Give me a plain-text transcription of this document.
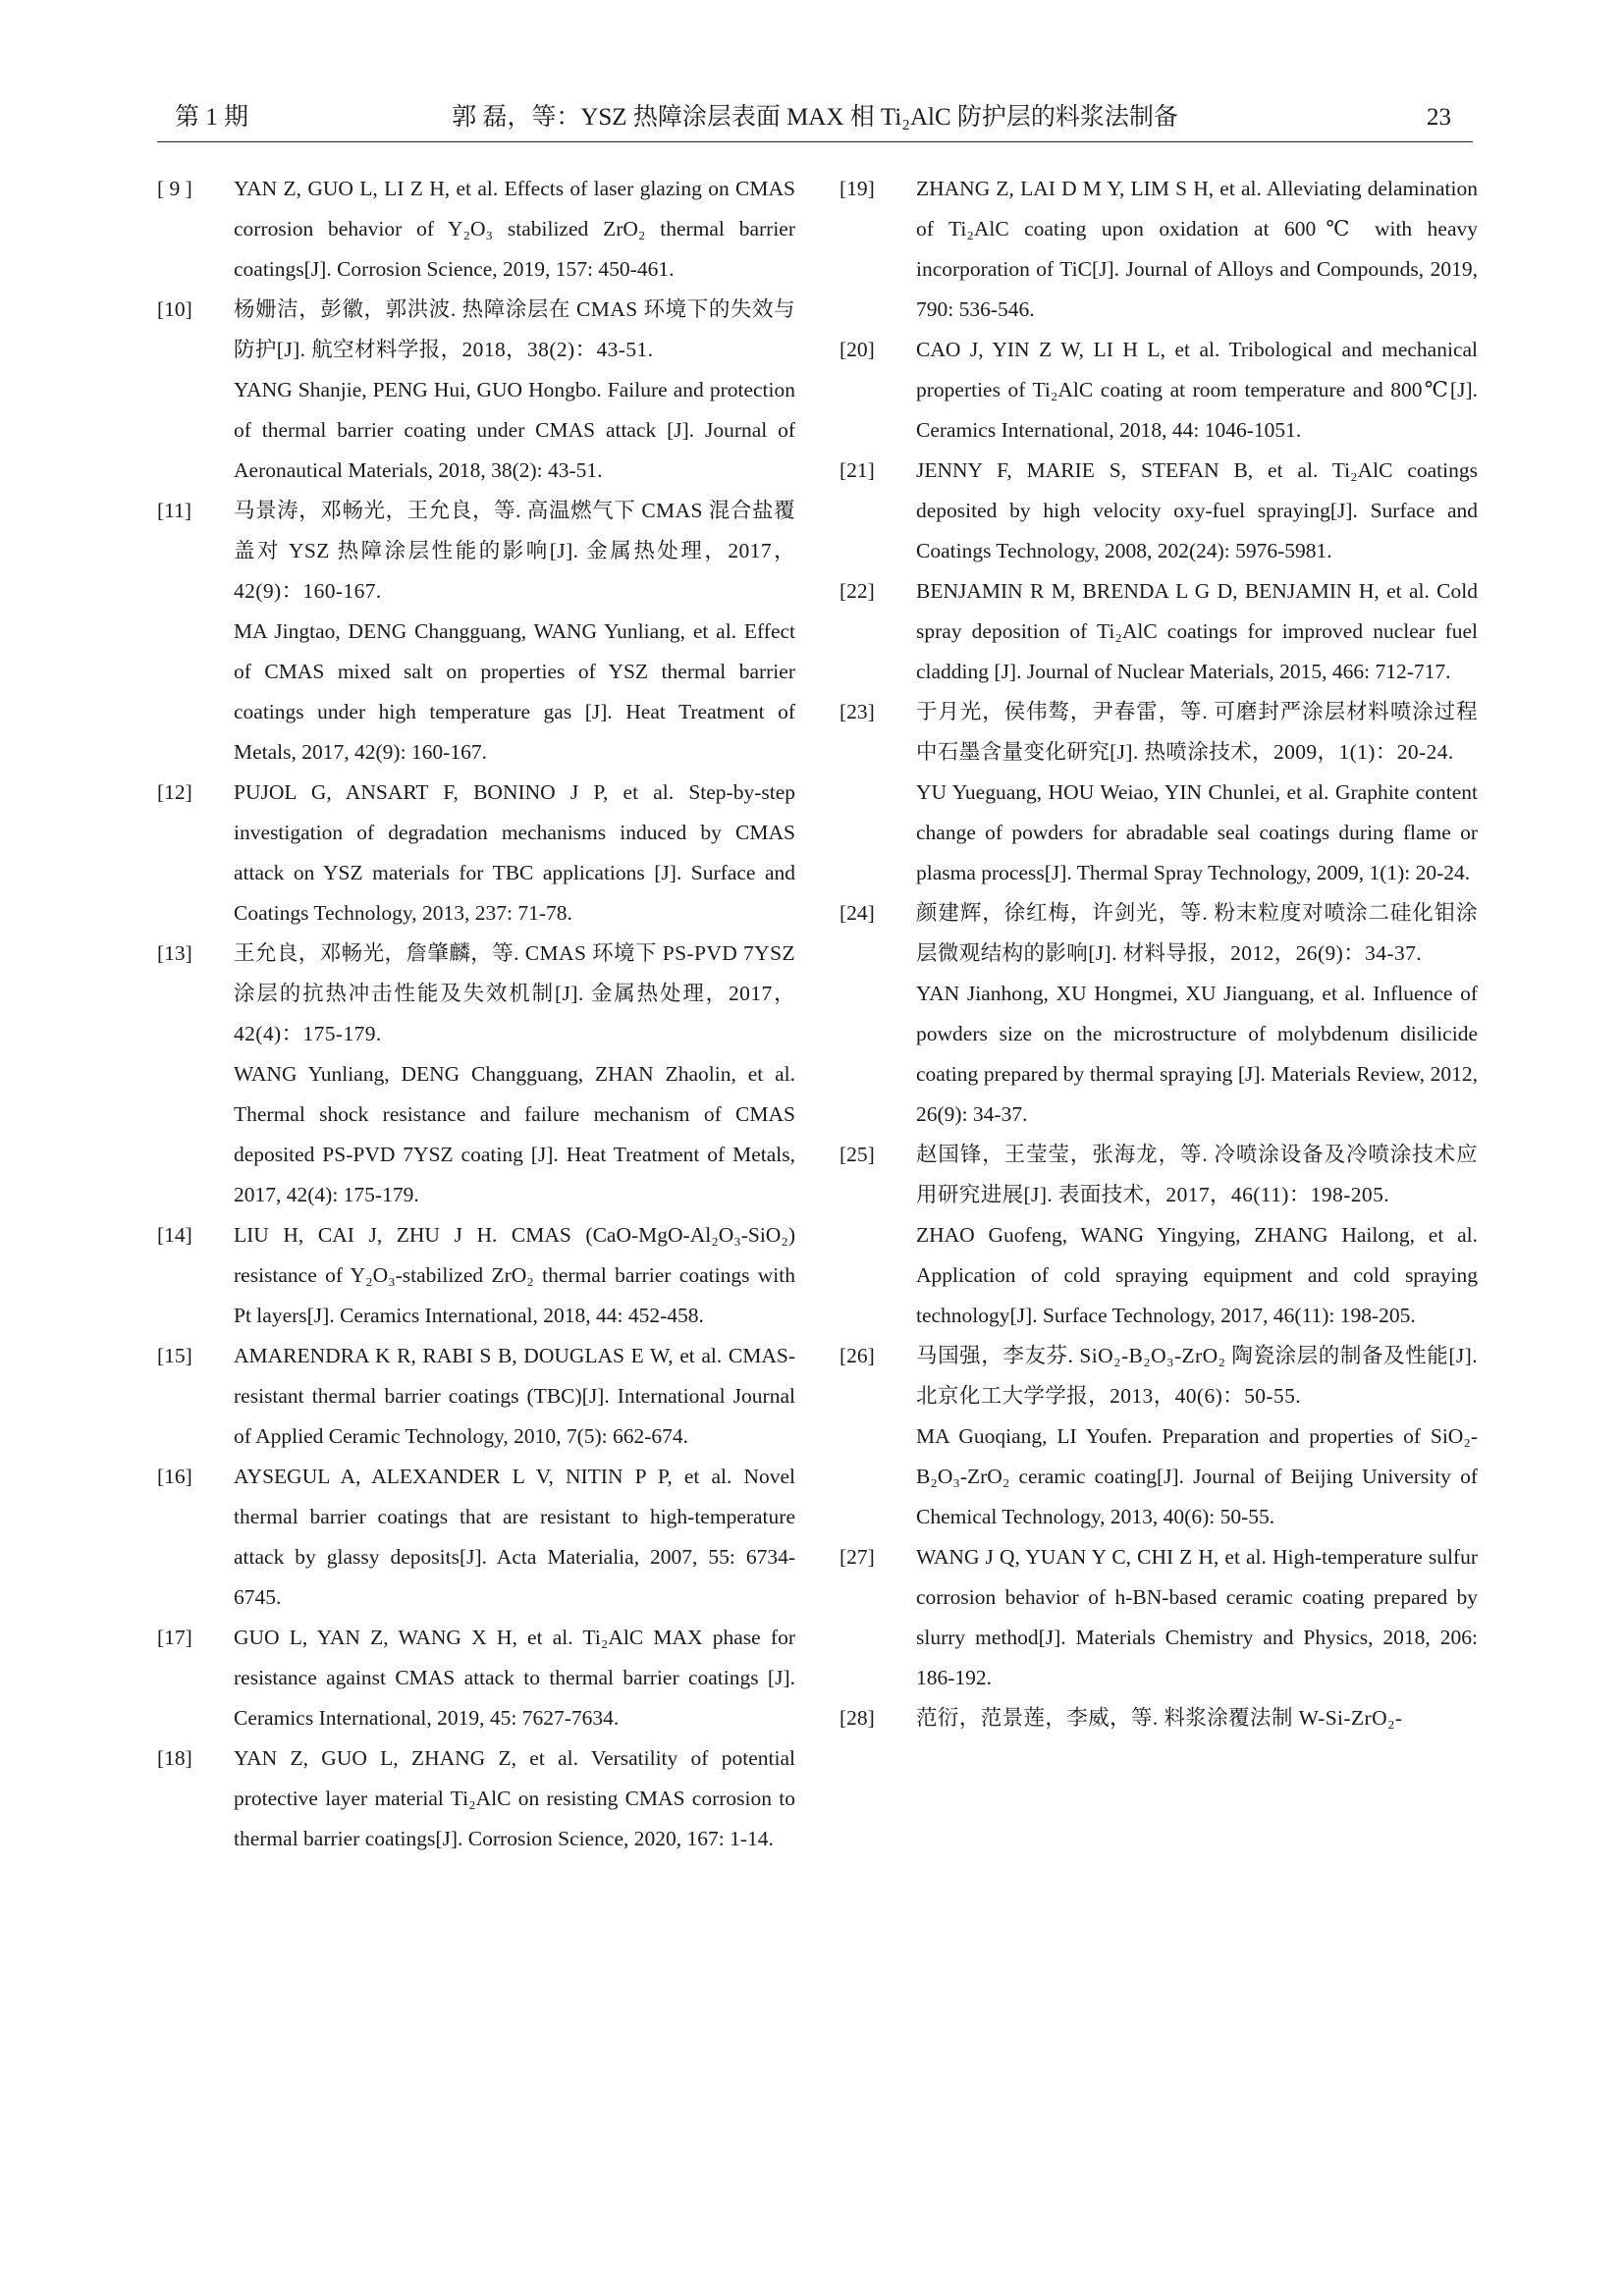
第 1 期	郭 磊，等：YSZ 热障涂层表面 MAX 相 Ti₂AlC 防护层的料浆法制备	23
[ 9 ]	YAN Z, GUO L, LI Z H, et al. Effects of laser glazing on CMAS corrosion behavior of Y₂O₃ stabilized ZrO₂ thermal barrier coatings[J]. Corrosion Science, 2019, 157: 450-461.

[10]	杨姗洁，彭徽，郭洪波. 热障涂层在 CMAS 环境下的失效与防护[J]. 航空材料学报，2018，38(2)：43-51.

YANG Shanjie, PENG Hui, GUO Hongbo. Failure and protection of thermal barrier coating under CMAS attack [J]. Journal of Aeronautical Materials, 2018, 38(2): 43-51.

[11]	马景涛，邓畅光，王允良，等. 高温燃气下 CMAS 混合盐覆盖对 YSZ 热障涂层性能的影响[J]. 金属热处理，2017，42(9)：160-167.

MA Jingtao, DENG Changguang, WANG Yunliang, et al. Effect of CMAS mixed salt on properties of YSZ thermal barrier coatings under high temperature gas [J]. Heat Treatment of Metals, 2017, 42(9): 160-167.

[12]	PUJOL G, ANSART F, BONINO J P, et al. Step-by-step investigation of degradation mechanisms induced by CMAS attack on YSZ materials for TBC applications [J]. Surface and Coatings Technology, 2013, 237: 71-78.

[13]	王允良，邓畅光，詹肇麟，等. CMAS 环境下 PS-PVD 7YSZ 涂层的抗热冲击性能及失效机制[J]. 金属热处理，2017，42(4)：175-179.

WANG Yunliang, DENG Changguang, ZHAN Zhaolin, et al. Thermal shock resistance and failure mechanism of CMAS deposited PS-PVD 7YSZ coating [J]. Heat Treatment of Metals, 2017, 42(4): 175-179.

[14]	LIU H, CAI J, ZHU J H. CMAS (CaO-MgO-Al₂O₃-SiO₂) resistance of Y₂O₃-stabilized ZrO₂ thermal barrier coatings with Pt layers[J]. Ceramics International, 2018, 44: 452-458.

[15]	AMARENDRA K R, RABI S B, DOUGLAS E W, et al. CMAS-resistant thermal barrier coatings (TBC)[J]. International Journal of Applied Ceramic Technology, 2010, 7(5): 662-674.

[16]	AYSEGUL A, ALEXANDER L V, NITIN P P, et al. Novel thermal barrier coatings that are resistant to high-temperature attack by glassy deposits[J]. Acta Materialia, 2007, 55: 6734-6745.

[17]	GUO L, YAN Z, WANG X H, et al. Ti₂AlC MAX phase for resistance against CMAS attack to thermal barrier coatings [J]. Ceramics International, 2019, 45: 7627-7634.

[18]	YAN Z, GUO L, ZHANG Z, et al. Versatility of potential protective layer material Ti₂AlC on resisting CMAS corrosion to thermal barrier coatings[J]. Corrosion Science, 2020, 167: 1-14.

[19]	ZHANG Z, LAI D M Y, LIM S H, et al. Alleviating delamination of Ti₂AlC coating upon oxidation at 600℃ with heavy incorporation of TiC[J]. Journal of Alloys and Compounds, 2019, 790: 536-546.

[20]	CAO J, YIN Z W, LI H L, et al. Tribological and mechanical properties of Ti₂AlC coating at room temperature and 800℃[J]. Ceramics International, 2018, 44: 1046-1051.

[21]	JENNY F, MARIE S, STEFAN B, et al. Ti₂AlC coatings deposited by high velocity oxy-fuel spraying[J]. Surface and Coatings Technology, 2008, 202(24): 5976-5981.

[22]	BENJAMIN R M, BRENDA L G D, BENJAMIN H, et al. Cold spray deposition of Ti₂AlC coatings for improved nuclear fuel cladding [J]. Journal of Nuclear Materials, 2015, 466: 712-717.

[23]	于月光，侯伟骜，尹春雷，等. 可磨封严涂层材料喷涂过程中石墨含量变化研究[J]. 热喷涂技术，2009，1(1)：20-24.

YU Yueguang, HOU Weiao, YIN Chunlei, et al. Graphite content change of powders for abradable seal coatings during flame or plasma process[J]. Thermal Spray Technology, 2009, 1(1): 20-24.

[24]	颜建辉，徐红梅，许剑光，等. 粉末粒度对喷涂二硅化钼涂层微观结构的影响[J]. 材料导报，2012，26(9)：34-37.

YAN Jianhong, XU Hongmei, XU Jianguang, et al. Influence of powders size on the microstructure of molybdenum disilicide coating prepared by thermal spraying [J]. Materials Review, 2012, 26(9): 34-37.

[25]	赵国锋，王莹莹，张海龙，等. 冷喷涂设备及冷喷涂技术应用研究进展[J]. 表面技术，2017，46(11)：198-205.

ZHAO Guofeng, WANG Yingying, ZHANG Hailong, et al. Application of cold spraying equipment and cold spraying technology[J]. Surface Technology, 2017, 46(11): 198-205.

[26]	马国强，李友芬. SiO₂-B₂O₃-ZrO₂ 陶瓷涂层的制备及性能[J]. 北京化工大学学报，2013，40(6)：50-55.

MA Guoqiang, LI Youfen. Preparation and properties of SiO₂-B₂O₃-ZrO₂ ceramic coating[J]. Journal of Beijing University of Chemical Technology, 2013, 40(6): 50-55.

[27]	WANG J Q, YUAN Y C, CHI Z H, et al. High-temperature sulfur corrosion behavior of h-BN-based ceramic coating prepared by slurry method[J]. Materials Chemistry and Physics, 2018, 206: 186-192.

[28]	范衍，范景莲，李威，等. 料浆涂覆法制 W-Si-ZrO₂-
